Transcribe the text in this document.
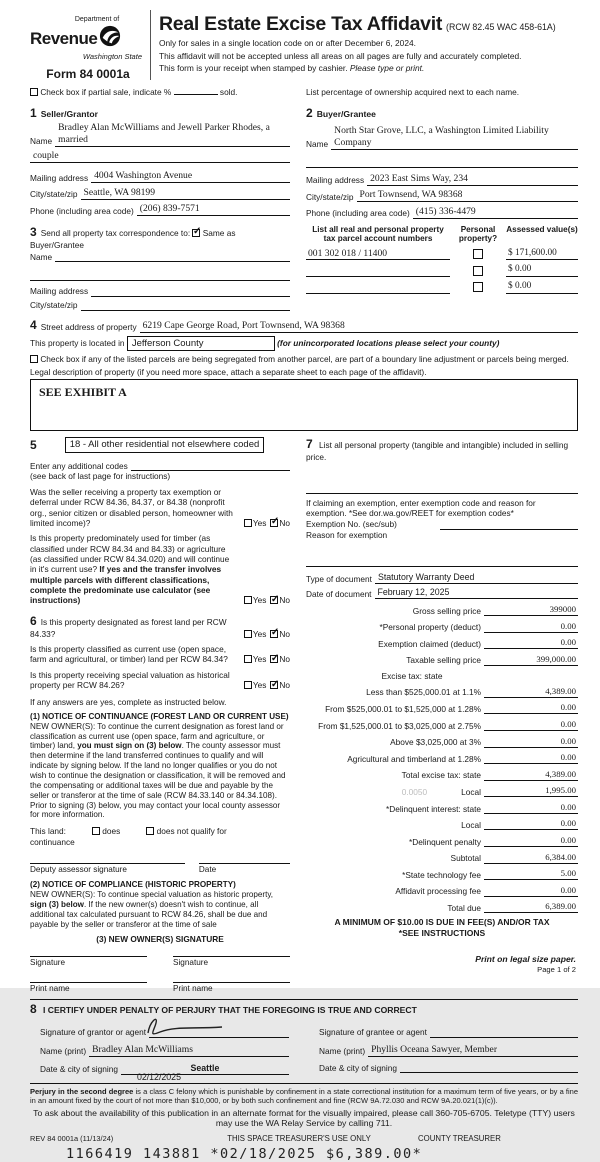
Department of
Revenue
Washington State
Form 84 0001a
Real Estate Excise Tax Affidavit (RCW 82.45 WAC 458-61A)
Only for sales in a single location code on or after December 6, 2024.
This affidavit will not be accepted unless all areas on all pages are fully and accurately completed.
This form is your receipt when stamped by cashier. Please type or print.
Check box if partial sale, indicate %	sold.	List percentage of ownership acquired next to each name.
1 Seller/Grantor
Name
Bradley Alan McWilliams and Jewell Parker Rhodes, a married
couple
Mailing address 4004 Washington Avenue
City/state/zip Seattle, WA 98199
Phone (including area code) (206) 839-7571
2 Buyer/Grantee
Name
North Star Grove, LLC, a Washington Limited Liability Company
Mailing address 2023 East Sims Way, 234
City/state/zip Port Townsend, WA 98368
Phone (including area code) (415) 336-4479
3 Send all property tax correspondence to: ✓ Same as Buyer/Grantee
Name
Mailing address
City/state/zip
List all real and personal property tax parcel account numbers
Personal property?
Assessed value(s)
001 302 018 / 11400	$ 171,600.00
$ 0.00
$ 0.00
4 Street address of property 6219 Cape George Road, Port Townsend, WA 98368
This property is located in Jefferson County	(for unincorporated locations please select your county)
Check box if any of the listed parcels are being segregated from another parcel, are part of a boundary line adjustment or parcels being merged.
Legal description of property (if you need more space, attach a separate sheet to each page of the affidavit).
SEE EXHIBIT A
5	18 - All other residential not elsewhere coded
Enter any additional codes
(see back of last page for instructions)
Was the seller receiving a property tax exemption or deferral under RCW 84.36, 84.37, or 84.38 (nonprofit org., senior citizen or disabled person, homeowner with limited income)?	Yes ✓ No
Is this property predominately used for timber (as classified under RCW 84.34 and 84.33) or agriculture (as classified under RCW 84.34.020) and will continue in it's current use? If yes and the transfer involves multiple parcels with different classifications, complete the predominate use calculator (see instructions)	Yes ✓ No
6 Is this property designated as forest land per RCW 84.33?	Yes ✓ No
Is this property classified as current use (open space, farm and agricultural, or timber) land per RCW 84.34?	Yes ✓ No
Is this property receiving special valuation as historical property per RCW 84.26?	Yes ✓ No
If any answers are yes, complete as instructed below.
(1) NOTICE OF CONTINUANCE (FOREST LAND OR CURRENT USE)
NEW OWNER(S): To continue the current designation as forest land or classification as current use (open space, farm and agriculture, or timber) land, you must sign on (3) below. The county assessor must then determine if the land transferred continues to qualify and will indicate by signing below. If the land no longer qualifies or you do not wish to continue the designation or classification, it will be removed and the compensating or additional taxes will be due and payable by the seller or transferor at the time of sale (RCW 84.33.140 or 84.34.108). Prior to signing (3) below, you may contact your local county assessor for more information.
This land:	does	does not qualify for
continuance
Deputy assessor signature	Date
(2) NOTICE OF COMPLIANCE (HISTORIC PROPERTY)
NEW OWNER(S): To continue special valuation as historic property, sign (3) below. If the new owner(s) doesn't wish to continue, all additional tax calculated pursuant to RCW 84.26, shall be due and payable by the seller or transferor at the time of sale
(3) NEW OWNER(S) SIGNATURE
Signature	Signature
Print name	Print name
7 List all personal property (tangible and intangible) included in selling price.
If claiming an exemption, enter exemption code and reason for exemption. *See dor.wa.gov/REET for exemption codes*
Exemption No. (sec/sub)
Reason for exemption
Type of document Statutory Warranty Deed
Date of document February 12, 2025
Gross selling price	399000
*Personal property (deduct)	0.00
Exemption claimed (deduct)	0.00
Taxable selling price	399,000.00
Excise tax: state
Less than $525,000.01 at 1.1%	4,389.00
From $525,000.01 to $1,525,000 at 1.28%	0.00
From $1,525,000.01 to $3,025,000 at 2.75%	0.00
Above $3,025,000 at 3%	0.00
Agricultural and timberland at 1.28%	0.00
Total excise tax: state	4,389.00
0.0050	Local	1,995.00
*Delinquent interest: state	0.00
Local	0.00
*Delinquent penalty	0.00
Subtotal	6,384.00
*State technology fee	5.00
Affidavit processing fee	0.00
Total due	6,389.00
A MINIMUM OF $10.00 IS DUE IN FEE(S) AND/OR TAX
*SEE INSTRUCTIONS
8 I CERTIFY UNDER PENALTY OF PERJURY THAT THE FOREGOING IS TRUE AND CORRECT
Signature of grantor or agent
Name (print) Bradley Alan McWilliams
Date & city of signing	Seattle
02/12/2025
Signature of grantee or agent
Name (print) Phyllis Oceana Sawyer, Member
Date & city of signing
Perjury in the second degree is a class C felony which is punishable by confinement in a state correctional institution for a maximum term of five years, or by a fine in an amount fixed by the court of not more than $10,000, or by both such confinement and fine (RCW 9A.72.030 and RCW 9A.20.021(1)(c)).
To ask about the availability of this publication in an alternate format for the visually impaired, please call 360-705-6705. Teletype (TTY) users may use the WA Relay Service by calling 711.
REV 84 0001a (11/13/24)	THIS SPACE TREASURER'S USE ONLY	COUNTY TREASURER
1166419 143881 *02/18/2025 $6,389.00*
Print on legal size paper.
Page 1 of 2
